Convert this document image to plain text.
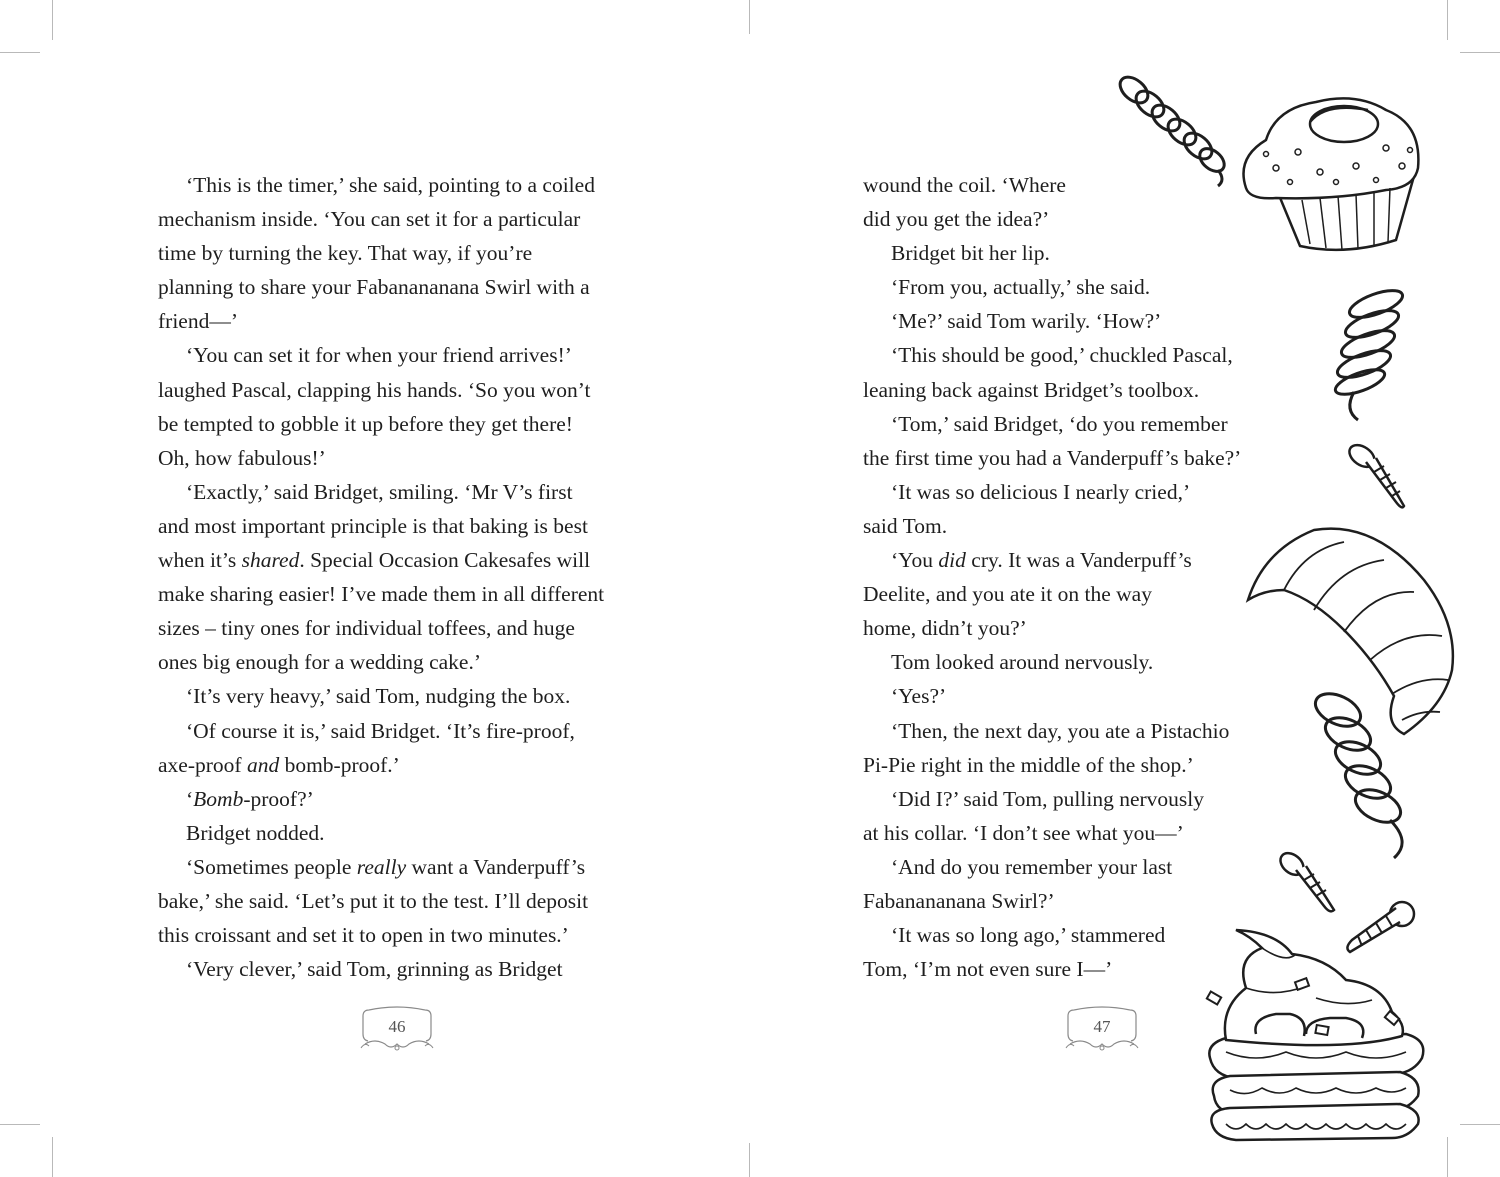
‘This is the timer,’ she said, pointing to a coiled
mechanism inside. ‘You can set it for a particular
time by turning the key. That way, if you’re
planning to share your Fabanananana Swirl with a
friend—’
‘You can set it for when your friend arrives!’
laughed Pascal, clapping his hands. ‘So you won’t
be tempted to gobble it up before they get there!
Oh, how fabulous!’
‘Exactly,’ said Bridget, smiling. ‘Mr V’s first
and most important principle is that baking is best
when it’s shared. Special Occasion Cakesafes will
make sharing easier! I’ve made them in all different
sizes – tiny ones for individual toffees, and huge
ones big enough for a wedding cake.’
‘It’s very heavy,’ said Tom, nudging the box.
‘Of course it is,’ said Bridget. ‘It’s fire-proof,
axe-proof and bomb-proof.’
‘Bomb-proof?’
Bridget nodded.
‘Sometimes people really want a Vanderpuff’s
bake,’ she said. ‘Let’s put it to the test. I’ll deposit
this croissant and set it to open in two minutes.’
‘Very clever,’ said Tom, grinning as Bridget
46
wound the coil. ‘Where
did you get the idea?’
Bridget bit her lip.
‘From you, actually,’ she said.
‘Me?’ said Tom warily. ‘How?’
‘This should be good,’ chuckled Pascal,
leaning back against Bridget’s toolbox.
‘Tom,’ said Bridget, ‘do you remember
the first time you had a Vanderpuff’s bake?’
‘It was so delicious I nearly cried,’
said Tom.
‘You did cry. It was a Vanderpuff’s
Deelite, and you ate it on the way
home, didn’t you?’
Tom looked around nervously.
‘Yes?’
‘Then, the next day, you ate a Pistachio
Pi-Pie right in the middle of the shop.’
‘Did I?’ said Tom, pulling nervously
at his collar. ‘I don’t see what you—’
‘And do you remember your last
Fabanananana Swirl?’
‘It was so long ago,’ stammered
Tom, ‘I’m not even sure I—’
47
